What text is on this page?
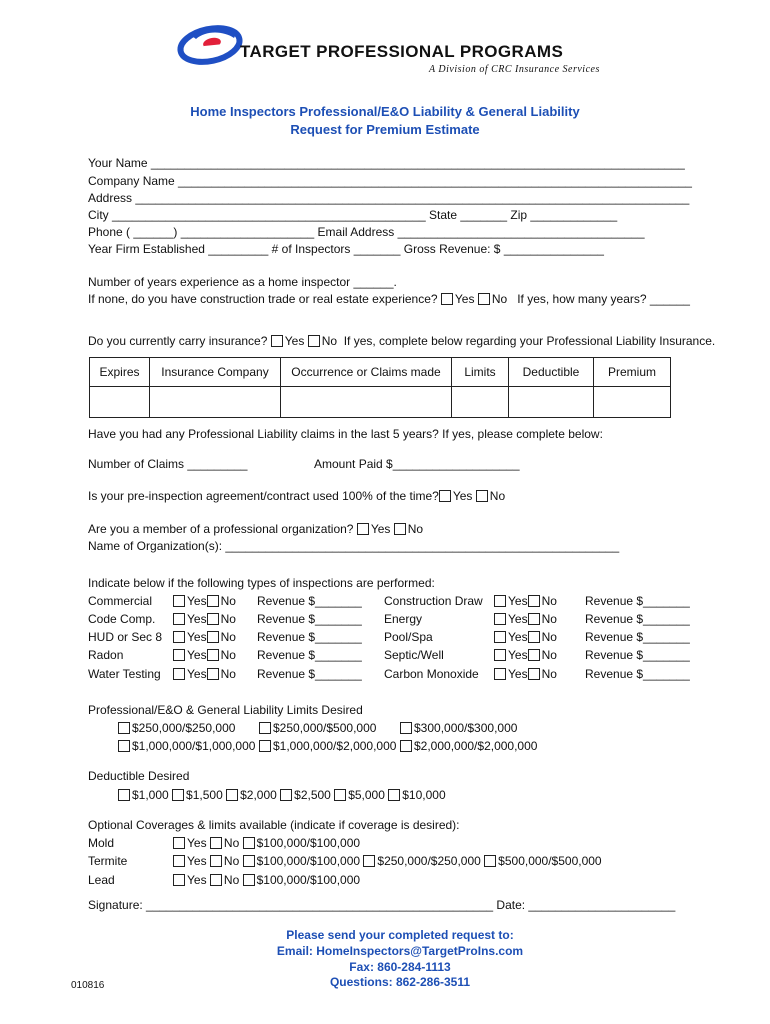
TARGET PROFESSIONAL PROGRAMS
A Division of CRC Insurance Services
Home Inspectors Professional/E&O Liability & General Liability
Request for Premium Estimate
Your Name ________________________________________________________________________________
Company Name _____________________________________________________________________________
Address ___________________________________________________________________________________
City _______________________________________________ State _______ Zip _____________
Phone ( ______) ____________________ Email Address _____________________________________
Year Firm Established _________ # of Inspectors _______ Gross Revenue: $ _______________
Number of years experience as a home inspector ______.
If none, do you have construction trade or real estate experience? Yes No If yes, how many years? ______
Do you currently carry insurance? Yes No If yes, complete below regarding your Professional Liability Insurance.
Expires	Insurance Company	Occurrence or Claims made	Limits	Deductible	Premium

Have you had any Professional Liability claims in the last 5 years? If yes, please complete below:
Number of Claims _________	Amount Paid $___________________
Is your pre-inspection agreement/contract used 100% of the time? Yes No
Are you a member of a professional organization? Yes No
Name of Organization(s): ___________________________________________________________
Indicate below if the following types of inspections are performed:
Commercial	Yes No Revenue $_______ Construction Draw	Yes No Revenue $_______
Code Comp.	Yes No Revenue $_______ Energy	Yes No Revenue $_______
HUD or Sec 8	Yes No Revenue $_______ Pool/Spa	Yes No Revenue $_______
Radon	Yes No Revenue $_______ Septic/Well	Yes No Revenue $_______
Water Testing	Yes No Revenue $_______ Carbon Monoxide	Yes No Revenue $_______
Professional/E&O & General Liability Limits Desired
$250,000/$250,000	$250,000/$500,000	$300,000/$300,000
$1,000,000/$1,000,000	$1,000,000/$2,000,000	$2,000,000/$2,000,000
Deductible Desired
$1,000 $1,500 $2,000 $2,500 $5,000 $10,000
Optional Coverages & limits available (indicate if coverage is desired):
Mold	Yes No $100,000/$100,000
Termite	Yes No $100,000/$100,000 $250,000/$250,000 $500,000/$500,000
Lead	Yes No $100,000/$100,000
Signature: ____________________________________________________ Date: ______________________
Please send your completed request to:
Email: HomeInspectors@TargetProIns.com
Fax: 860-284-1113
Questions: 862-286-3511
010816
